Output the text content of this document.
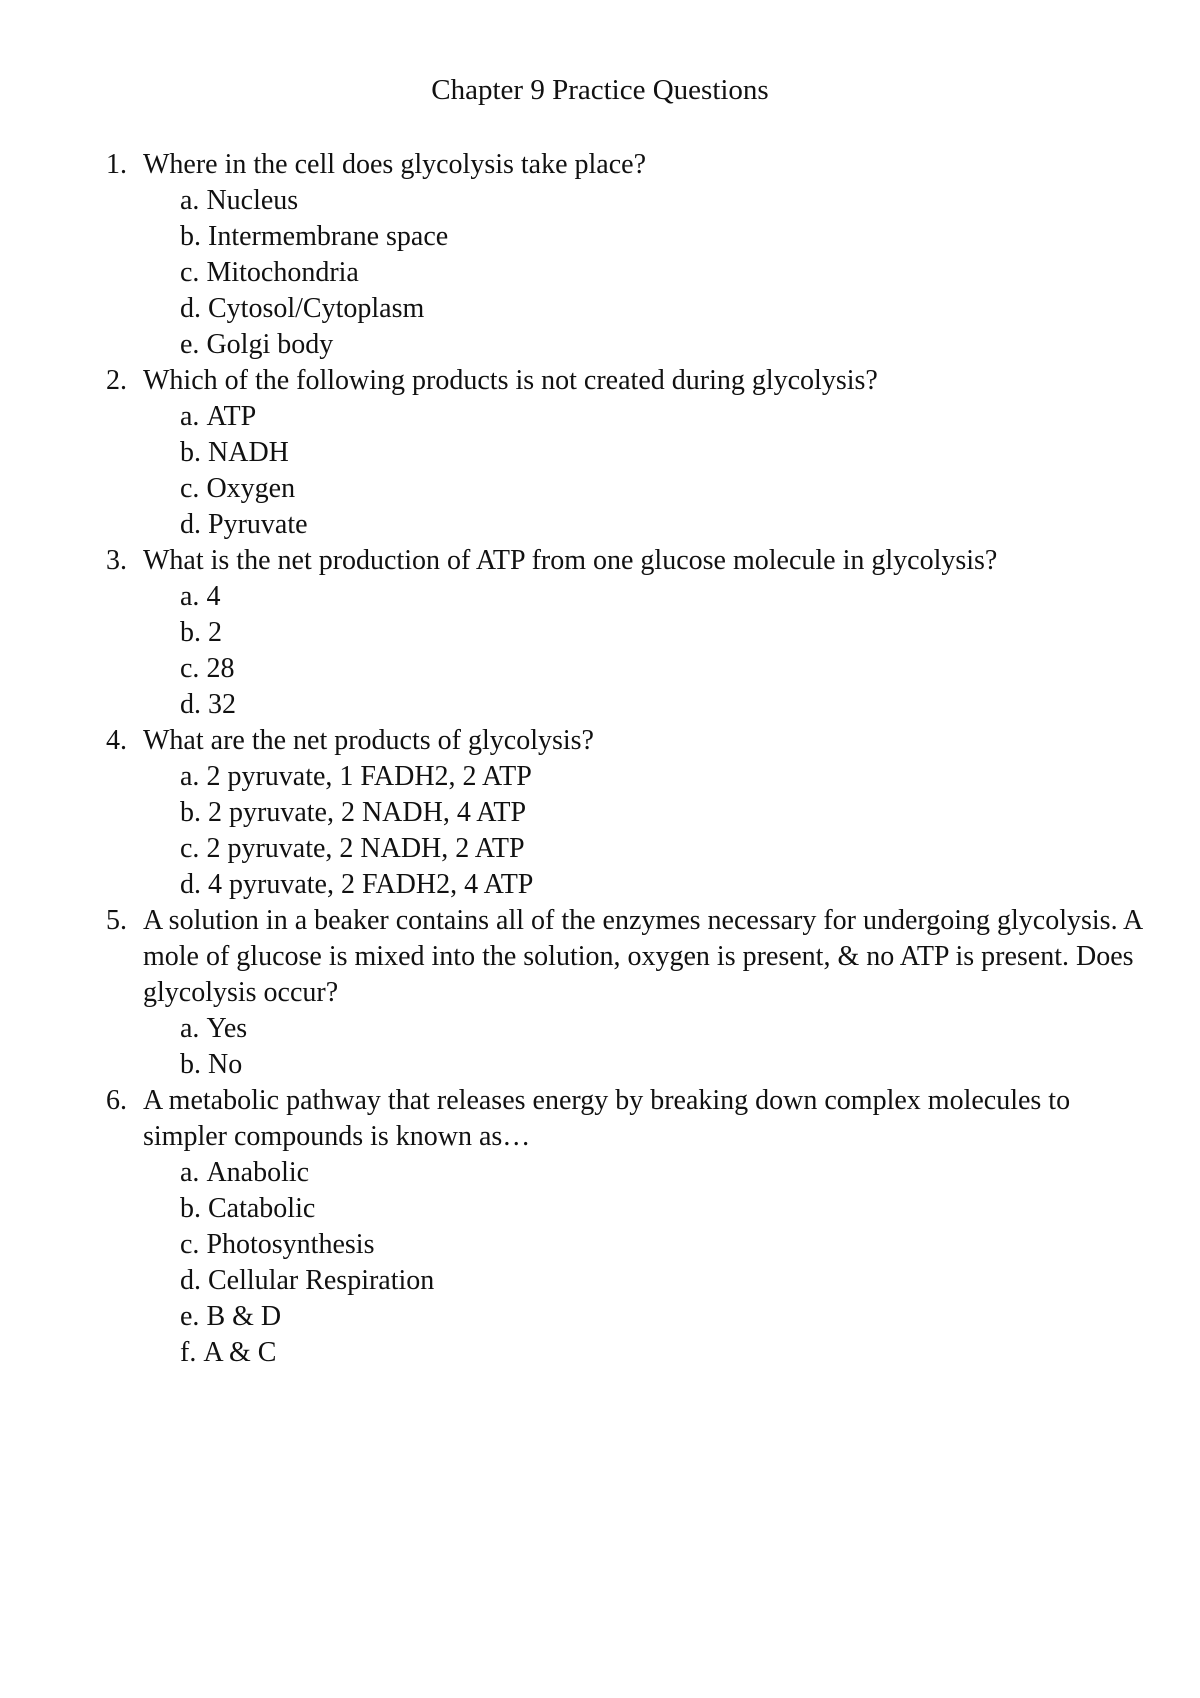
Chapter 9 Practice Questions
1. Where in the cell does glycolysis take place?
a. Nucleus
b. Intermembrane space
c. Mitochondria
d. Cytosol/Cytoplasm
e. Golgi body
2. Which of the following products is not created during glycolysis?
a. ATP
b. NADH
c. Oxygen
d. Pyruvate
3. What is the net production of ATP from one glucose molecule in glycolysis?
a. 4
b. 2
c. 28
d. 32
4. What are the net products of glycolysis?
a. 2 pyruvate, 1 FADH2, 2 ATP
b. 2 pyruvate, 2 NADH, 4 ATP
c. 2 pyruvate, 2 NADH, 2 ATP
d. 4 pyruvate, 2 FADH2, 4 ATP
5. A solution in a beaker contains all of the enzymes necessary for undergoing glycolysis. A mole of glucose is mixed into the solution, oxygen is present, & no ATP is present. Does glycolysis occur?
a. Yes
b. No
6. A metabolic pathway that releases energy by breaking down complex molecules to simpler compounds is known as…
a. Anabolic
b. Catabolic
c. Photosynthesis
d. Cellular Respiration
e. B & D
f. A & C
